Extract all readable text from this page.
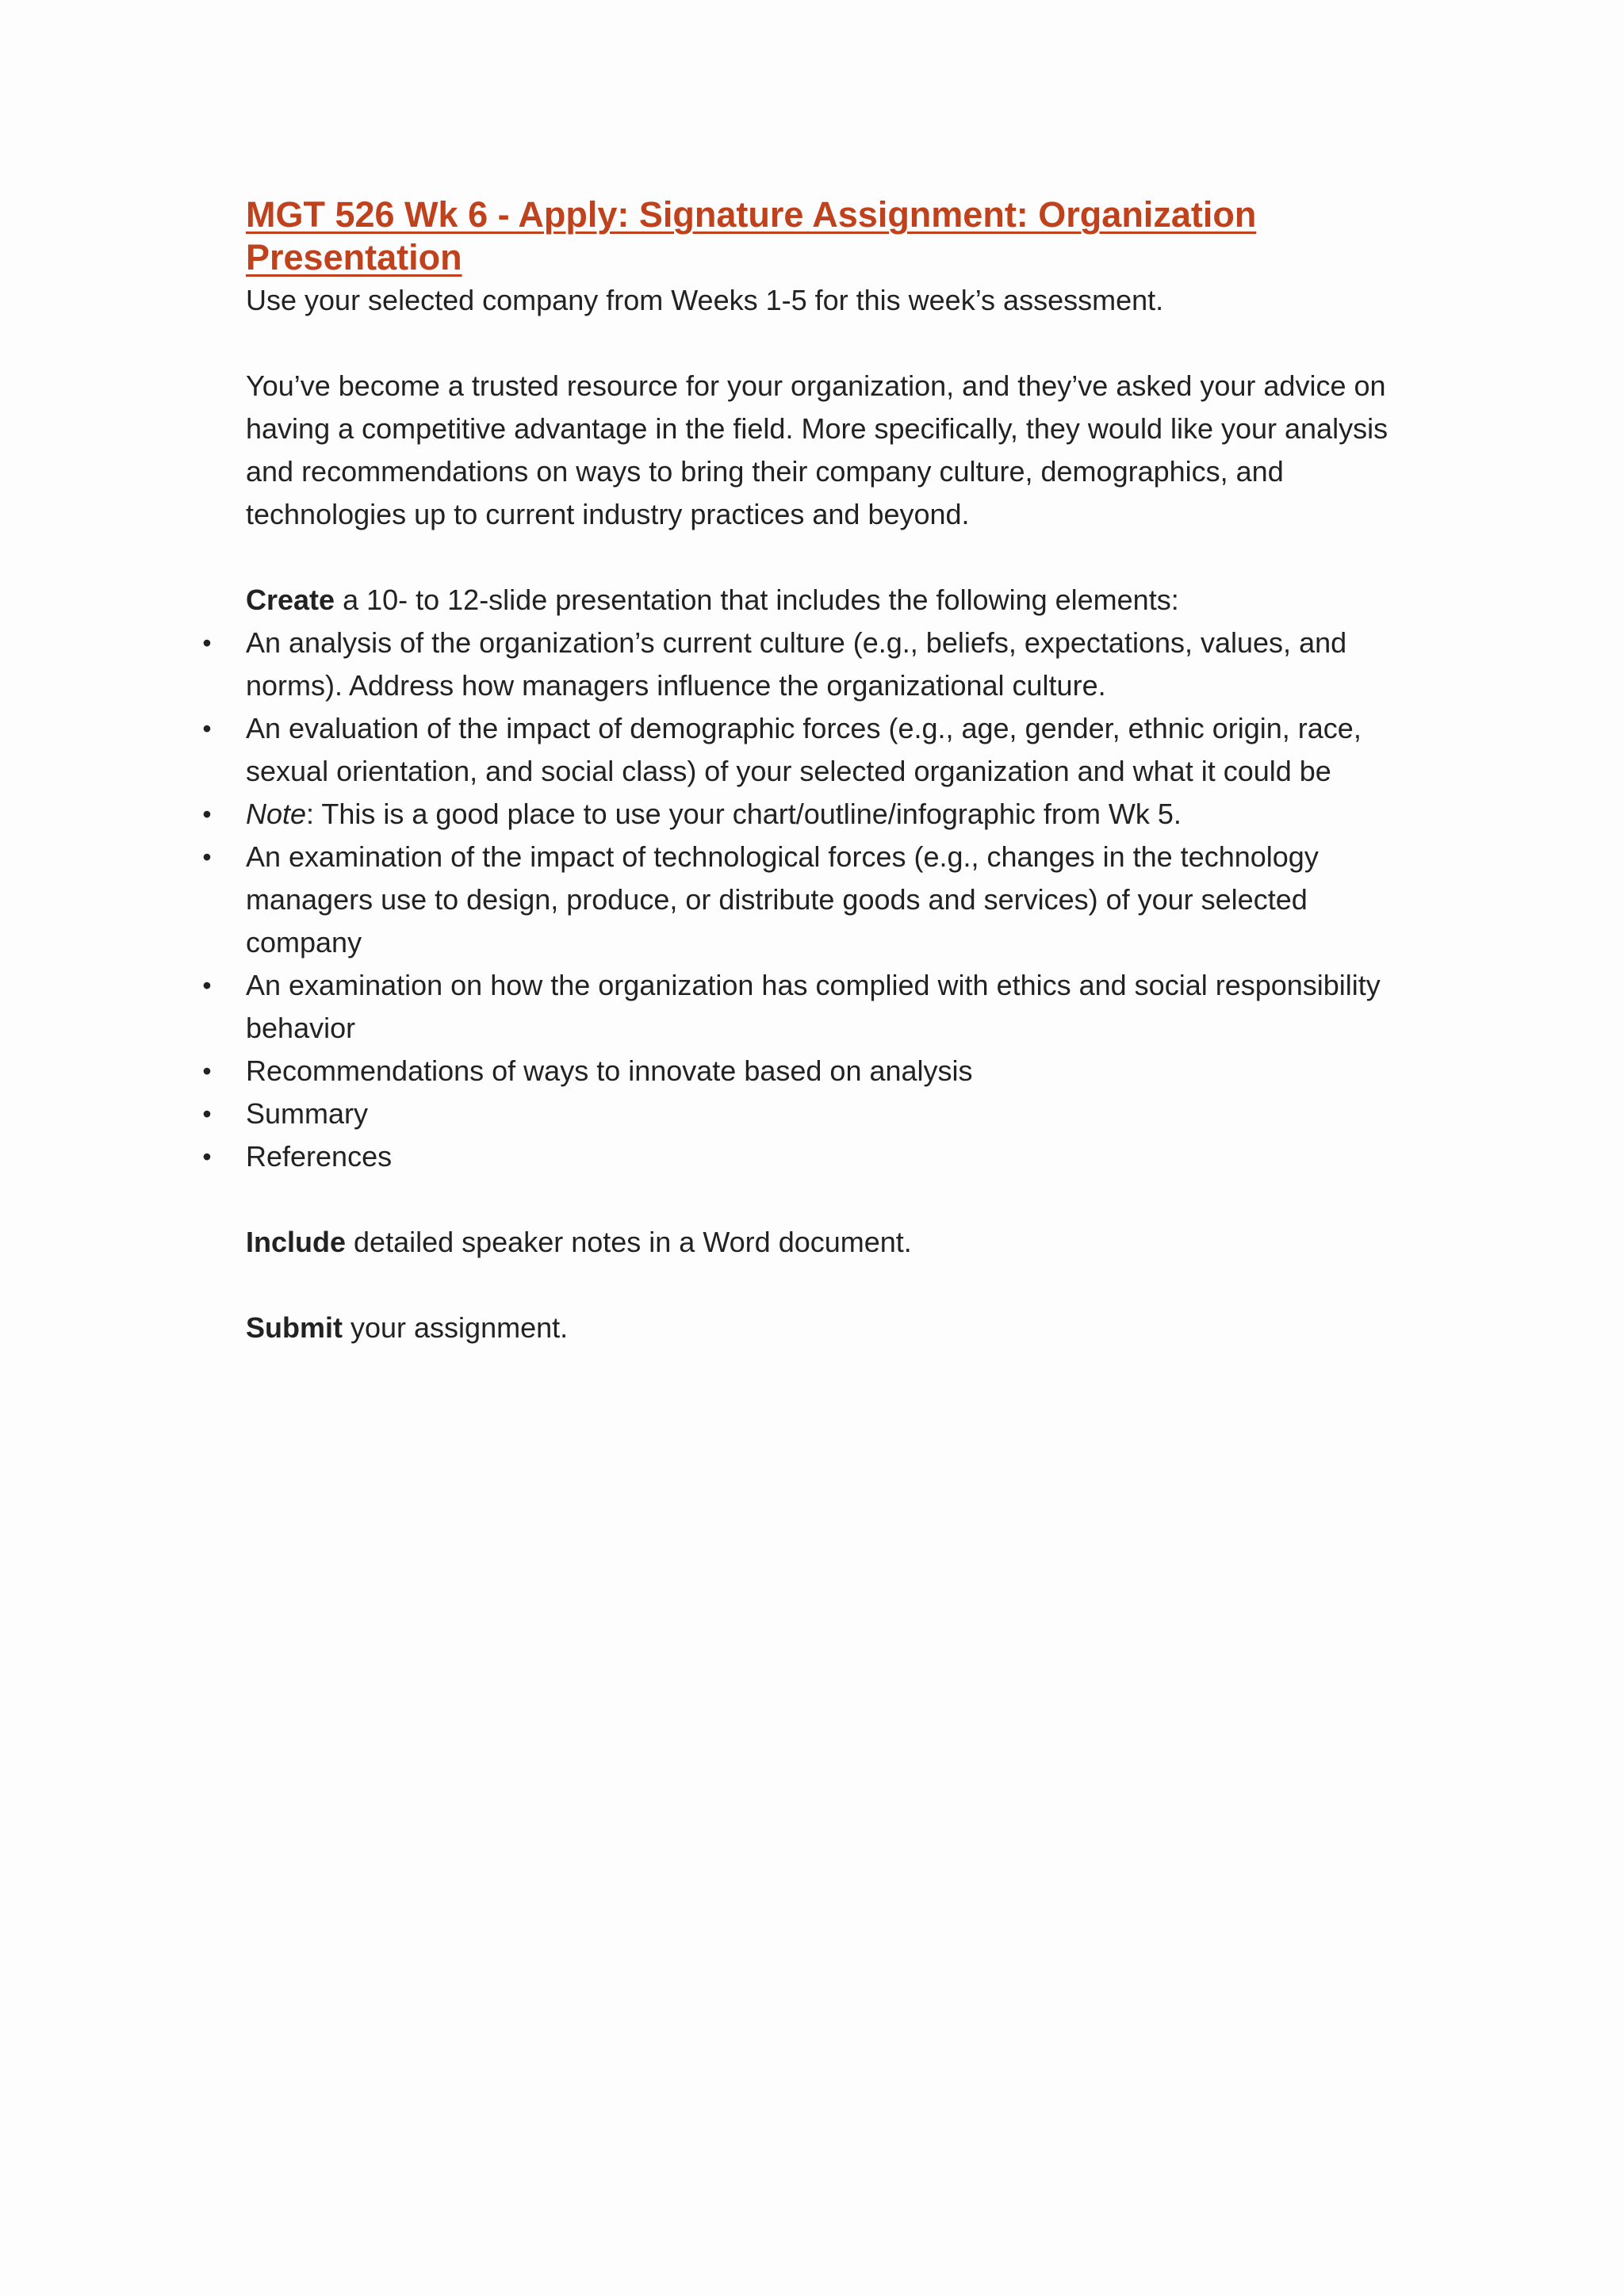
MGT 526 Wk 6 - Apply: Signature Assignment: Organization
Presentation

Use your selected company from Weeks 1-5 for this week’s assessment.

You’ve become a trusted resource for your organization, and they’ve asked your advice on having a competitive advantage in the field. More specifically, they would like your analysis and recommendations on ways to bring their company culture, demographics, and technologies up to current industry practices and beyond.

Create a 10- to 12-slide presentation that includes the following elements:

• An analysis of the organization’s current culture (e.g., beliefs, expectations, values, and norms). Address how managers influence the organizational culture.
• An evaluation of the impact of demographic forces (e.g., age, gender, ethnic origin, race, sexual orientation, and social class) of your selected organization and what it could be
• Note: This is a good place to use your chart/outline/infographic from Wk 5.
• An examination of the impact of technological forces (e.g., changes in the technology managers use to design, produce, or distribute goods and services) of your selected company
• An examination on how the organization has complied with ethics and social responsibility behavior
• Recommendations of ways to innovate based on analysis
• Summary
• References

Include detailed speaker notes in a Word document.

Submit your assignment.
